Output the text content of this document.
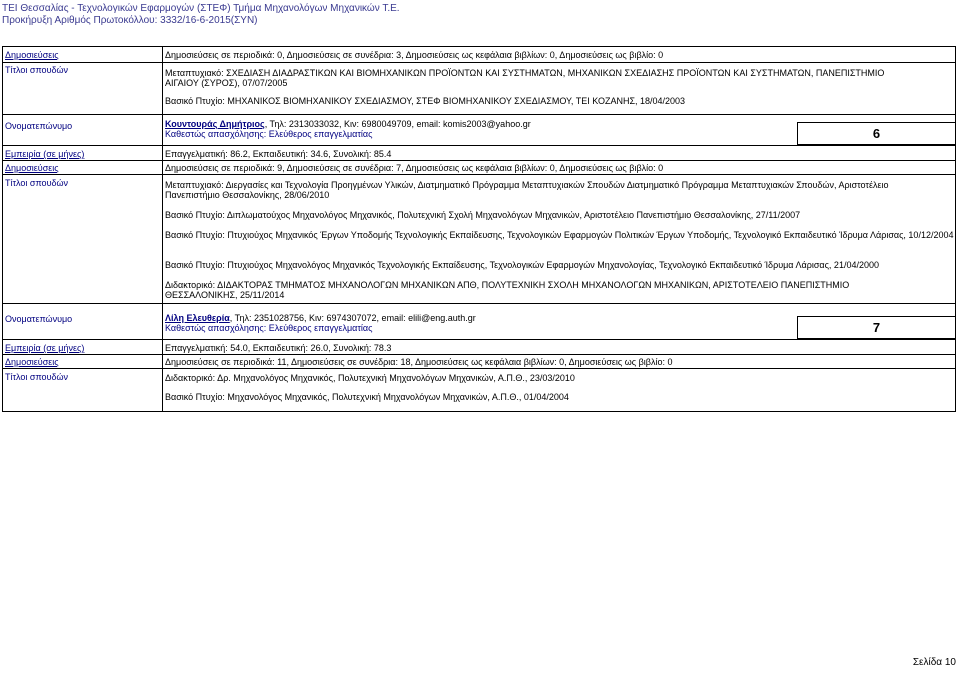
ΤΕΙ Θεσσαλίας - Τεχνολογικών Εφαρμογών (ΣΤΕΦ) Τμήμα Μηχανολόγων Μηχανικών Τ.Ε.
Προκήρυξη Αριθμός Πρωτοκόλλου: 3332/16-6-2015(ΣΥΝ)
Δημοσιεύσεις	Δημοσιεύσεις σε περιοδικά: 0, Δημοσιεύσεις σε συνέδρια: 3, Δημοσιεύσεις ως κεφάλαια βιβλίων: 0, Δημοσιεύσεις ως βιβλίο: 0
Τίτλοι σπουδών	Μεταπτυχιακό: ΣΧΕΔΙΑΣΗ ΔΙΑΔΡΑΣΤΙΚΩΝ ΚΑΙ ΒΙΟΜΗΧΑΝΙΚΩΝ ΠΡΟΪΟΝΤΩΝ ΚΑΙ ΣΥΣΤΗΜΑΤΩΝ, ΜΗΧΑΝΙΚΩΝ ΣΧΕΔΙΑΣΗΣ ΠΡΟΪΟΝΤΩΝ ΚΑΙ ΣΥΣΤΗΜΑΤΩΝ, ΠΑΝΕΠΙΣΤΗΜΙΟ ΑΙΓΑΙΟΥ (ΣΥΡΟΣ), 07/07/2005
Βασικό Πτυχίο: ΜΗΧΑΝΙΚΟΣ ΒΙΟΜΗΧΑΝΙΚΟΥ ΣΧΕΔΙΑΣΜΟΥ, ΣΤΕΦ ΒΙΟΜΗΧΑΝΙΚΟΥ ΣΧΕΔΙΑΣΜΟΥ, ΤΕΙ ΚΟΖΑΝΗΣ, 18/04/2003
Ονοματεπώνυμο	Κουντουράς Δημήτριος, Τηλ: 2313033032, Κιν: 6980049709, email: komis2003@yahoo.gr
Καθεστώς απασχόλησης: Ελεύθερος επαγγελματίας	6
Εμπειρία (σε μήνες)	Επαγγελματική: 86.2, Εκπαιδευτική: 34.6, Συνολική: 85.4
Δημοσιεύσεις	Δημοσιεύσεις σε περιοδικά: 9, Δημοσιεύσεις σε συνέδρια: 7, Δημοσιεύσεις ως κεφάλαια βιβλίων: 0, Δημοσιεύσεις ως βιβλίο: 0
Τίτλοι σπουδών	Μεταπτυχιακό: Διεργασίες και Τεχνολογία Προηγμένων Υλικών, Διατμηματικό Πρόγραμμα Μεταπτυχιακών Σπουδών Διατμηματικό Πρόγραμμα Μεταπτυχιακών Σπουδών, Αριστοτέλειο Πανεπιστήμιο Θεσσαλονίκης, 28/06/2010
Βασικό Πτυχίο: Διπλωματούχος Μηχανολόγος Μηχανικός, Πολυτεχνική Σχολή Μηχανολόγων Μηχανικών, Αριστοτέλειο Πανεπιστήμιο Θεσσαλονίκης, 27/11/2007
Βασικό Πτυχίο: Πτυχιούχος Μηχανικός Έργων Υποδομής Τεχνολογικής Εκπαίδευσης, Τεχνολογικών Εφαρμογών Πολιτικών Έργων Υποδομής, Τεχνολογικό Εκπαιδευτικό Ίδρυμα Λάρισας, 10/12/2004
Βασικό Πτυχίο: Πτυχιούχος Μηχανολόγος Μηχανικός Τεχνολογικής Εκπαίδευσης, Τεχνολογικών Εφαρμογών Μηχανολογίας, Τεχνολογικό Εκπαιδευτικό Ίδρυμα Λάρισας, 21/04/2000
Διδακτορικό: ΔΙΔΑΚΤΟΡΑΣ ΤΜΗΜΑΤΟΣ ΜΗΧΑΝΟΛΟΓΩΝ ΜΗΧΑΝΙΚΩΝ ΑΠΘ, ΠΟΛΥΤΕΧΝΙΚΗ ΣΧΟΛΗ ΜΗΧΑΝΟΛΟΓΩΝ ΜΗΧΑΝΙΚΩΝ, ΑΡΙΣΤΟΤΕΛΕΙΟ ΠΑΝΕΠΙΣΤΗΜΙΟ ΘΕΣΣΑΛΟΝΙΚΗΣ, 25/11/2014
Ονοματεπώνυμο	Λίλη Ελευθερία, Τηλ: 2351028756, Κιν: 6974307072, email: elili@eng.auth.gr
Καθεστώς απασχόλησης: Ελεύθερος επαγγελματίας	7
Εμπειρία (σε μήνες)	Επαγγελματική: 54.0, Εκπαιδευτική: 26.0, Συνολική: 78.3
Δημοσιεύσεις	Δημοσιεύσεις σε περιοδικά: 11, Δημοσιεύσεις σε συνέδρια: 18, Δημοσιεύσεις ως κεφάλαια βιβλίων: 0, Δημοσιεύσεις ως βιβλίο: 0
Τίτλοι σπουδών	Διδακτορικό: Δρ. Μηχανολόγος Μηχανικός, Πολυτεχνική Μηχανολόγων Μηχανικών, Α.Π.Θ., 23/03/2010
Βασικό Πτυχίο: Μηχανολόγος Μηχανικός, Πολυτεχνική Μηχανολόγων Μηχανικών, Α.Π.Θ., 01/04/2004
Σελίδα 10
